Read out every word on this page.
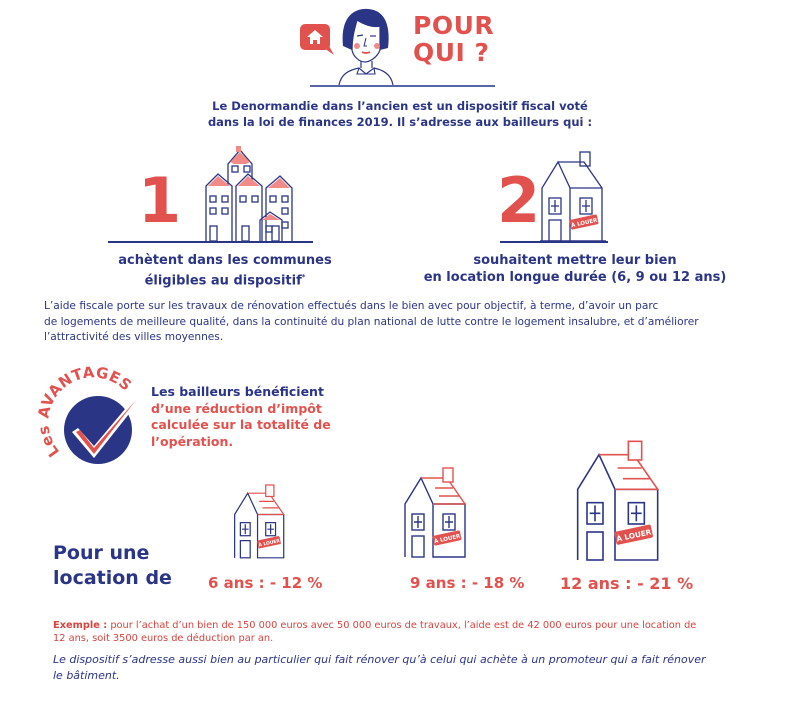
POUR
QUI ?
Le Denormandie dans l’ancien est un dispositif fiscal voté dans la loi de finances 2019. Il s’adresse aux bailleurs qui :
1
achètent dans les communes
éligibles au dispositif*
2	À LOUER
souhaitent mettre leur bien
en location longue durée (6, 9 ou 12 ans)
L’aide fiscale porte sur les travaux de rénovation effectués dans le bien avec pour objectif, à terme, d’avoir un parc
de logements de meilleure qualité, dans la continuité du plan national de lutte contre le logement insalubre, et d’améliorer
l’attractivité des villes moyennes.
Les AVANTAGES Les bailleurs bénéficient
d’une réduction d’impôt
calculée sur la totalité de
l’opération.
Pour une
location de
À LOUER	À LOUER	À LOUER
6 ans : - 12 %	9 ans : - 18 % 12 ans : - 21 %
Exemple : pour l’achat d’un bien de 150 000 euros avec 50 000 euros de travaux, l’aide est de 42 000 euros pour une location de
12 ans, soit 3500 euros de déduction par an.
Le dispositif s’adresse aussi bien au particulier qui fait rénover qu’à celui qui achète à un promoteur qui a fait rénover
le bâtiment.
